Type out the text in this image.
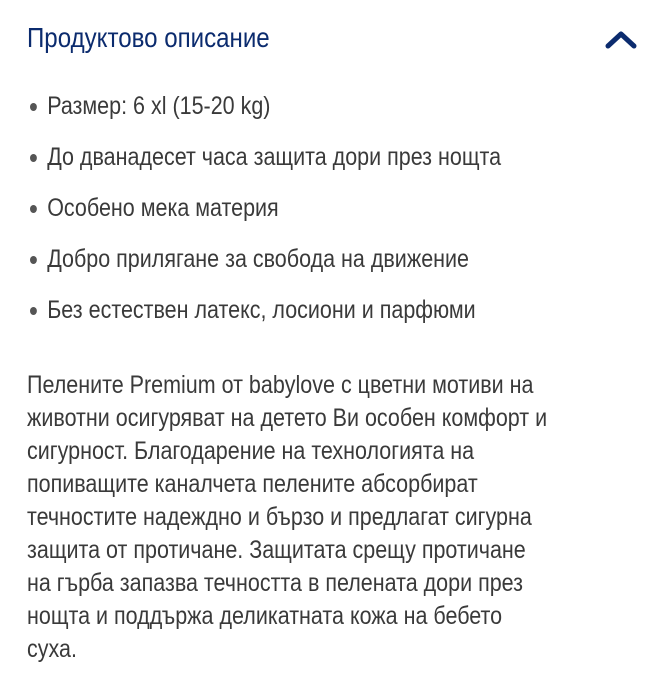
Продуктово описание
Размер: 6 xl (15-20 kg)
До дванадесет часа защита дори през нощта
Особено мека материя
Добро прилягане за свобода на движение
Без естествен латекс, лосиони и парфюми
Пелените Premium от babylove с цветни мотиви на
животни осигуряват на детето Ви особен комфорт и
сигурност. Благодарение на технологията на
попиващите каналчета пелените абсорбират
течностите надеждно и бързо и предлагат сигурна
защита от протичане. Защитата срещу протичане
на гърба запазва течността в пелената дори през
нощта и поддържа деликатната кожа на бебето
суха.
